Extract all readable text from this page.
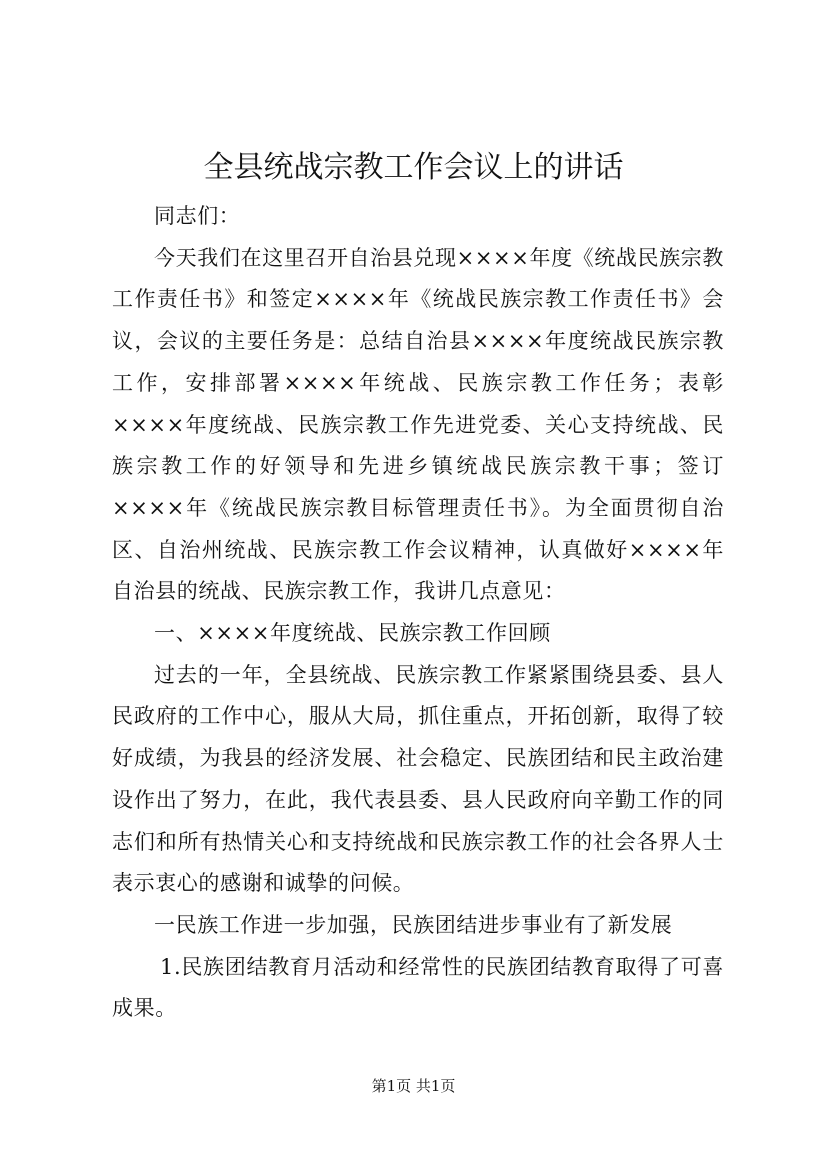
全县统战宗教工作会议上的讲话

同志们：

今天我们在这里召开自治县兑现××××年度《统战民族宗教工作责任书》和签定××××年《统战民族宗教工作责任书》会议，会议的主要任务是：总结自治县××××年度统战民族宗教工作，安排部署××××年统战、民族宗教工作任务；表彰××××年度统战、民族宗教工作先进党委、关心支持统战、民族宗教工作的好领导和先进乡镇统战民族宗教干事；签订××××年《统战民族宗教目标管理责任书》。为全面贯彻自治区、自治州统战、民族宗教工作会议精神，认真做好××××年自治县的统战、民族宗教工作，我讲几点意见：

一、××××年度统战、民族宗教工作回顾

过去的一年，全县统战、民族宗教工作紧紧围绕县委、县人民政府的工作中心，服从大局，抓住重点，开拓创新，取得了较好成绩，为我县的经济发展、社会稳定、民族团结和民主政治建设作出了努力，在此，我代表县委、县人民政府向辛勤工作的同志们和所有热情关心和支持统战和民族宗教工作的社会各界人士表示衷心的感谢和诚挚的问候。

一民族工作进一步加强，民族团结进步事业有了新发展

1.民族团结教育月活动和经常性的民族团结教育取得了可喜成果。

第1页 共1页
